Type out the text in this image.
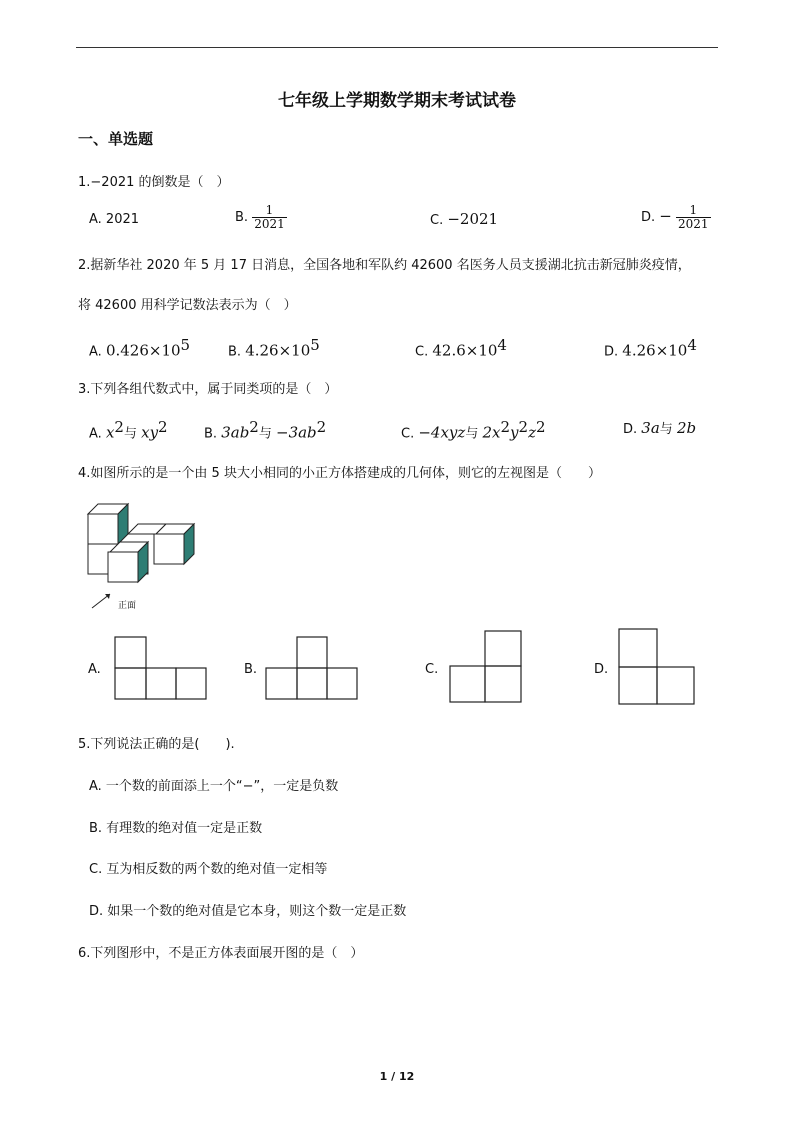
七年级上学期数学期末考试试卷
一、单选题
1.−2021 的倒数是（　）
A. 2021	B. $\frac{1}{2021}$	C. −2021	D. − $\frac{1}{2021}$
2.据新华社 2020 年 5 月 17 日消息，全国各地和军队约 42600 名医务人员支援湖北抗击新冠肺炎疫情，
将 42600 用科学记数法表示为（　）
A. $0.426\times 10^5$	B. $4.26\times 10^5$	C. $42.6\times 10^4$	D. $4.26\times 10^4$
3.下列各组代数式中，属于同类项的是（　）
A. $x^2$与 $xy^2$	B. $3ab^2$与 $-3ab^2$	C. −4xyz与 $2x^2y^2z^2$	D. 3a与 2b
4.如图所示的是一个由 5 块大小相同的小正方体搭建成的几何体，则它的左视图是（　　）
正面
A.	B.	C.	D.
5.下列说法正确的是(　　).
A. 一个数的前面添上一个“−”，一定是负数
B. 有理数的绝对值一定是正数
C. 互为相反数的两个数的绝对值一定相等
D. 如果一个数的绝对值是它本身，则这个数一定是正数
6.下列图形中，不是正方体表面展开图的是（　）
1 / 12
